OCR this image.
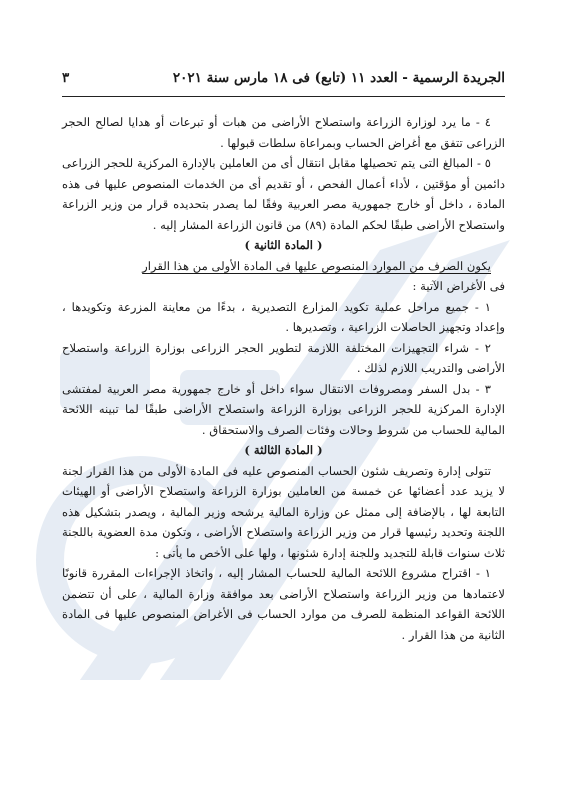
الجريدة الرسمية - العدد ١١ (تابع) فى ١٨ مارس سنة ٢٠٢١
٣

٤ - ما يرد لوزارة الزراعة واستصلاح الأراضى من هبات أو تبرعات أو هدايا لصالح الحجر الزراعى تتفق مع أغراض الحساب وبمراعاة سلطات قبولها .

٥ - المبالغ التى يتم تحصيلها مقابل انتقال أى من العاملين بالإدارة المركزية للحجر الزراعى دائمين أو مؤقتين ، لأداء أعمال الفحص ، أو تقديم أى من الخدمات المنصوص عليها فى هذه المادة ، داخل أو خارج جمهورية مصر العربية وفقًا لما يصدر بتحديده قرار من وزير الزراعة واستصلاح الأراضى طبقًا لحكم المادة (٨٩) من قانون الزراعة المشار إليه .

( المادة الثانية )

يكون الصرف من الموارد المنصوص عليها فى المادة الأولى من هذا القرار

فى الأغراض الآتية :

١ - جميع مراحل عملية تكويد المزارع التصديرية ، بدءًا من معاينة المزرعة وتكويدها ، وإعداد وتجهيز الحاصلات الزراعية ، وتصديرها .

٢ - شراء التجهيزات المختلفة اللازمة لتطوير الحجر الزراعى بوزارة الزراعة واستصلاح الأراضى والتدريب اللازم لذلك .

٣ - بدل السفر ومصروفات الانتقال سواء داخل أو خارج جمهورية مصر العربية لمفتشى الإدارة المركزية للحجر الزراعى بوزارة الزراعة واستصلاح الأراضى طبقًا لما تبينه اللائحة المالية للحساب من شروط وحالات وفئات الصرف والاستحقاق .

( المادة الثالثة )

تتولى إدارة وتصريف شئون الحساب المنصوص عليه فى المادة الأولى من هذا القرار لجنة لا يزيد عدد أعضائها عن خمسة من العاملين بوزارة الزراعة واستصلاح الأراضى أو الهيئات التابعة لها ، بالإضافة إلى ممثل عن وزارة المالية يرشحه وزير المالية ، ويصدر بتشكيل هذه اللجنة وتحديد رئيسها قرار من وزير الزراعة واستصلاح الأراضى ، وتكون مدة العضوية باللجنة ثلاث سنوات قابلة للتجديد وللجنة إدارة شئونها ، ولها على الأخص ما يأتى :

١ - اقتراح مشروع اللائحة المالية للحساب المشار إليه ، واتخاذ الإجراءات المقررة قانونًا لاعتمادها من وزير الزراعة واستصلاح الأراضى بعد موافقة وزارة المالية ، على أن تتضمن اللائحة القواعد المنظمة للصرف من موارد الحساب فى الأغراض المنصوص عليها فى المادة الثانية من هذا القرار .
